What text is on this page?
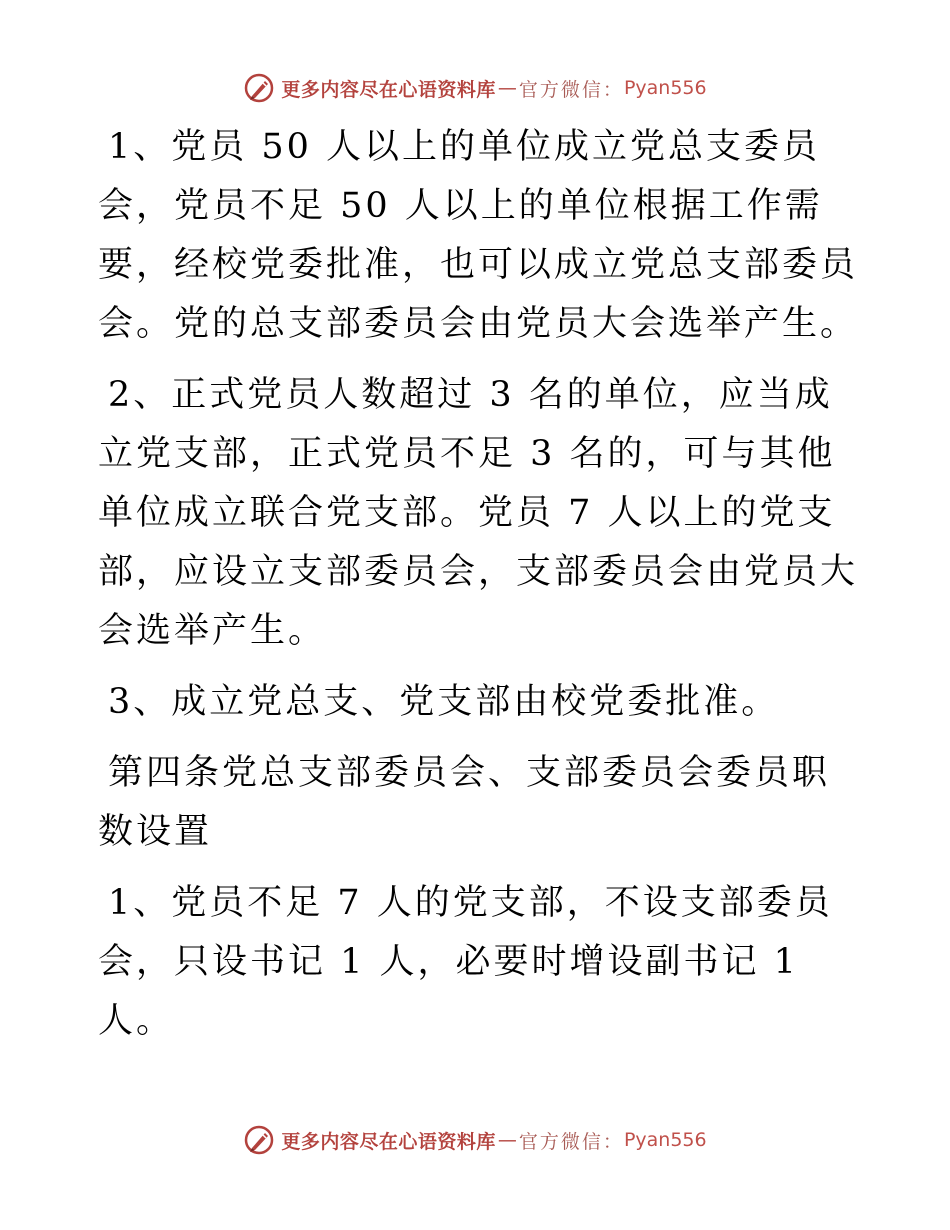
更多内容尽在心语资料库 — 官方微信： Pyan556

1、党员 50 人以上的单位成立党总支委员会，党员不足 50 人以上的单位根据工作需要，经校党委批准，也可以成立党总支部委员会。党的总支部委员会由党员大会选举产生。

2、正式党员人数超过 3 名的单位，应当成立党支部，正式党员不足 3 名的，可与其他单位成立联合党支部。党员 7 人以上的党支部，应设立支部委员会，支部委员会由党员大会选举产生。

3、成立党总支、党支部由校党委批准。

第四条党总支部委员会、支部委员会委员职数设置

1、党员不足 7 人的党支部，不设支部委员会，只设书记 1 人，必要时增设副书记 1 人。

更多内容尽在心语资料库 — 官方微信： Pyan556
